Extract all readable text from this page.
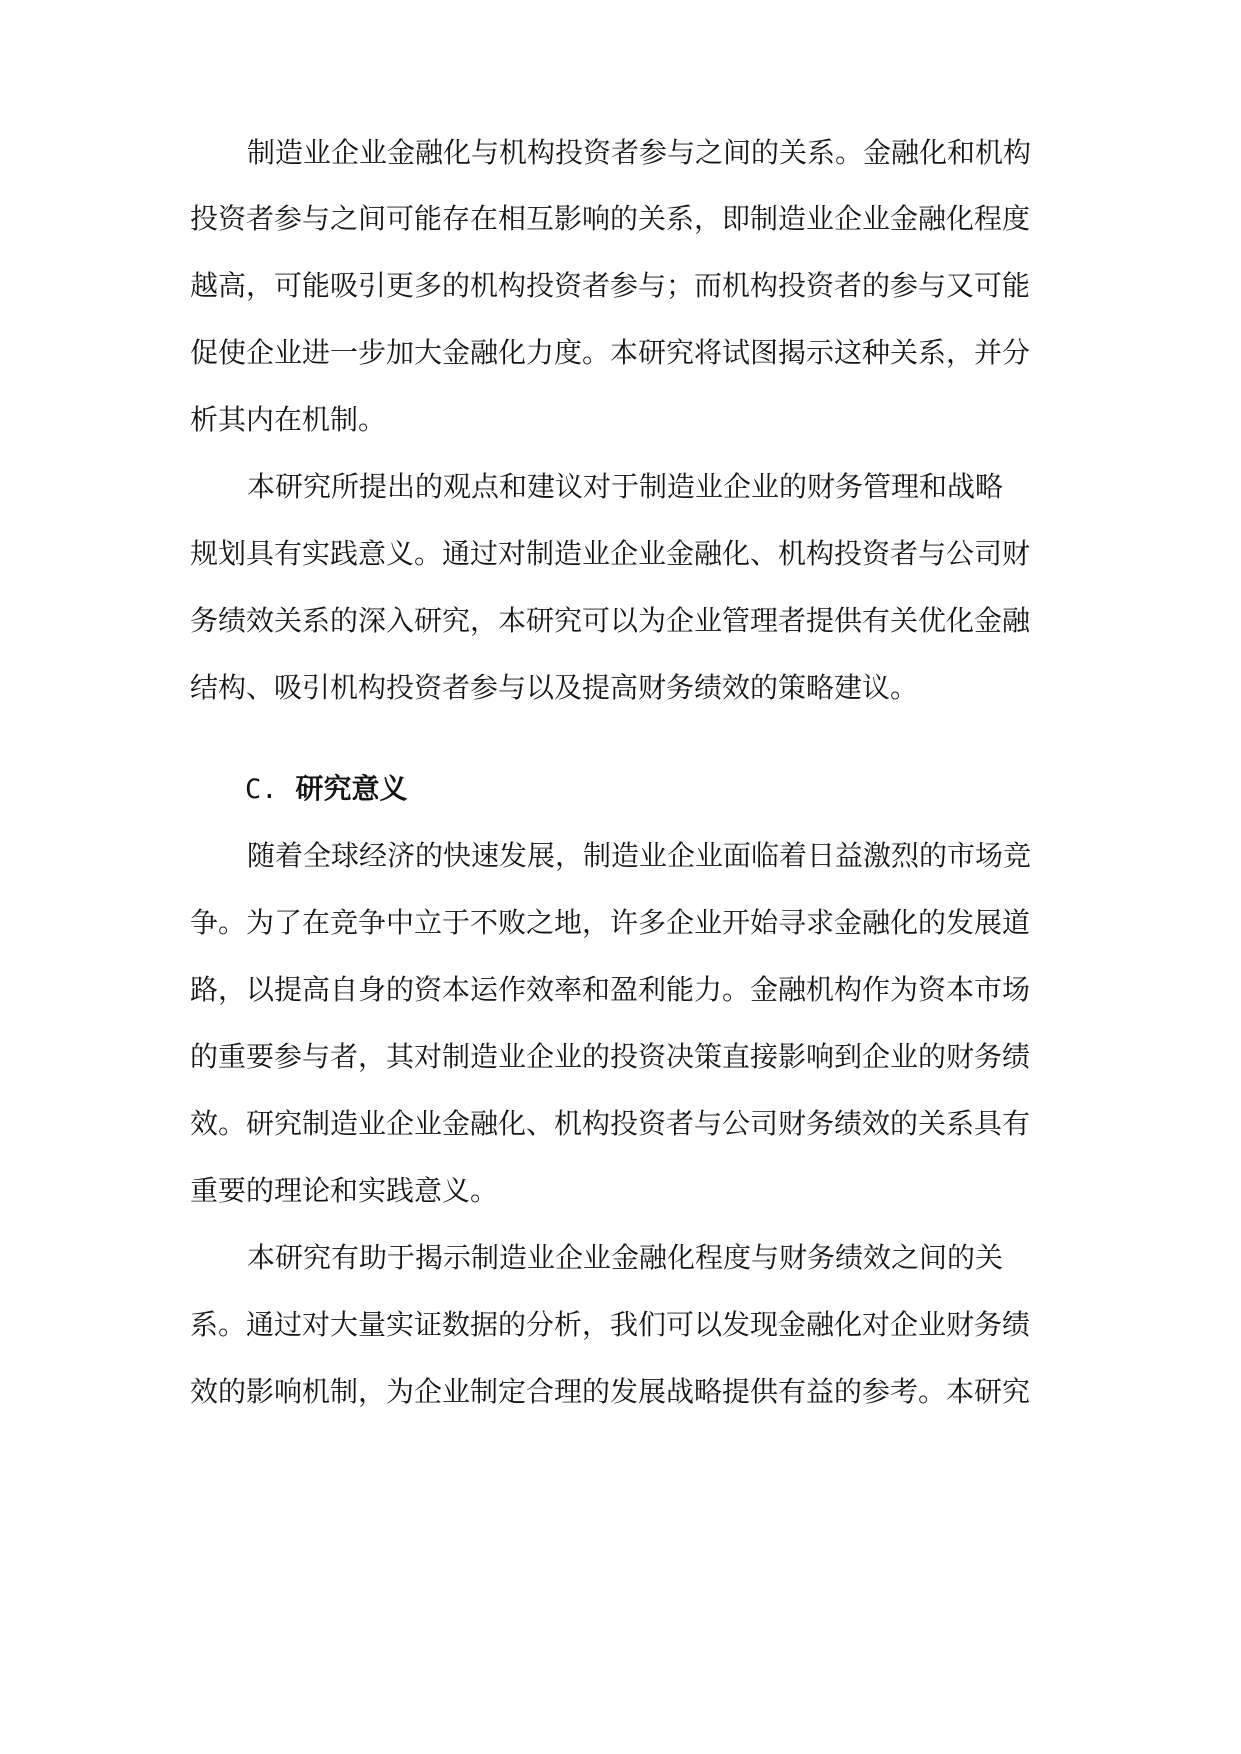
制造业企业金融化与机构投资者参与之间的关系。金融化和机构

投资者参与之间可能存在相互影响的关系，即制造业企业金融化程度

越高，可能吸引更多的机构投资者参与；而机构投资者的参与又可能

促使企业进一步加大金融化力度。本研究将试图揭示这种关系，并分

析其内在机制。

本研究所提出的观点和建议对于制造业企业的财务管理和战略

规划具有实践意义。通过对制造业企业金融化、机构投资者与公司财

务绩效关系的深入研究，本研究可以为企业管理者提供有关优化金融

结构、吸引机构投资者参与以及提高财务绩效的策略建议。

C. 研究意义

随着全球经济的快速发展，制造业企业面临着日益激烈的市场竞

争。为了在竞争中立于不败之地，许多企业开始寻求金融化的发展道

路，以提高自身的资本运作效率和盈利能力。金融机构作为资本市场

的重要参与者，其对制造业企业的投资决策直接影响到企业的财务绩

效。研究制造业企业金融化、机构投资者与公司财务绩效的关系具有

重要的理论和实践意义。

本研究有助于揭示制造业企业金融化程度与财务绩效之间的关

系。通过对大量实证数据的分析，我们可以发现金融化对企业财务绩

效的影响机制，为企业制定合理的发展战略提供有益的参考。本研究
